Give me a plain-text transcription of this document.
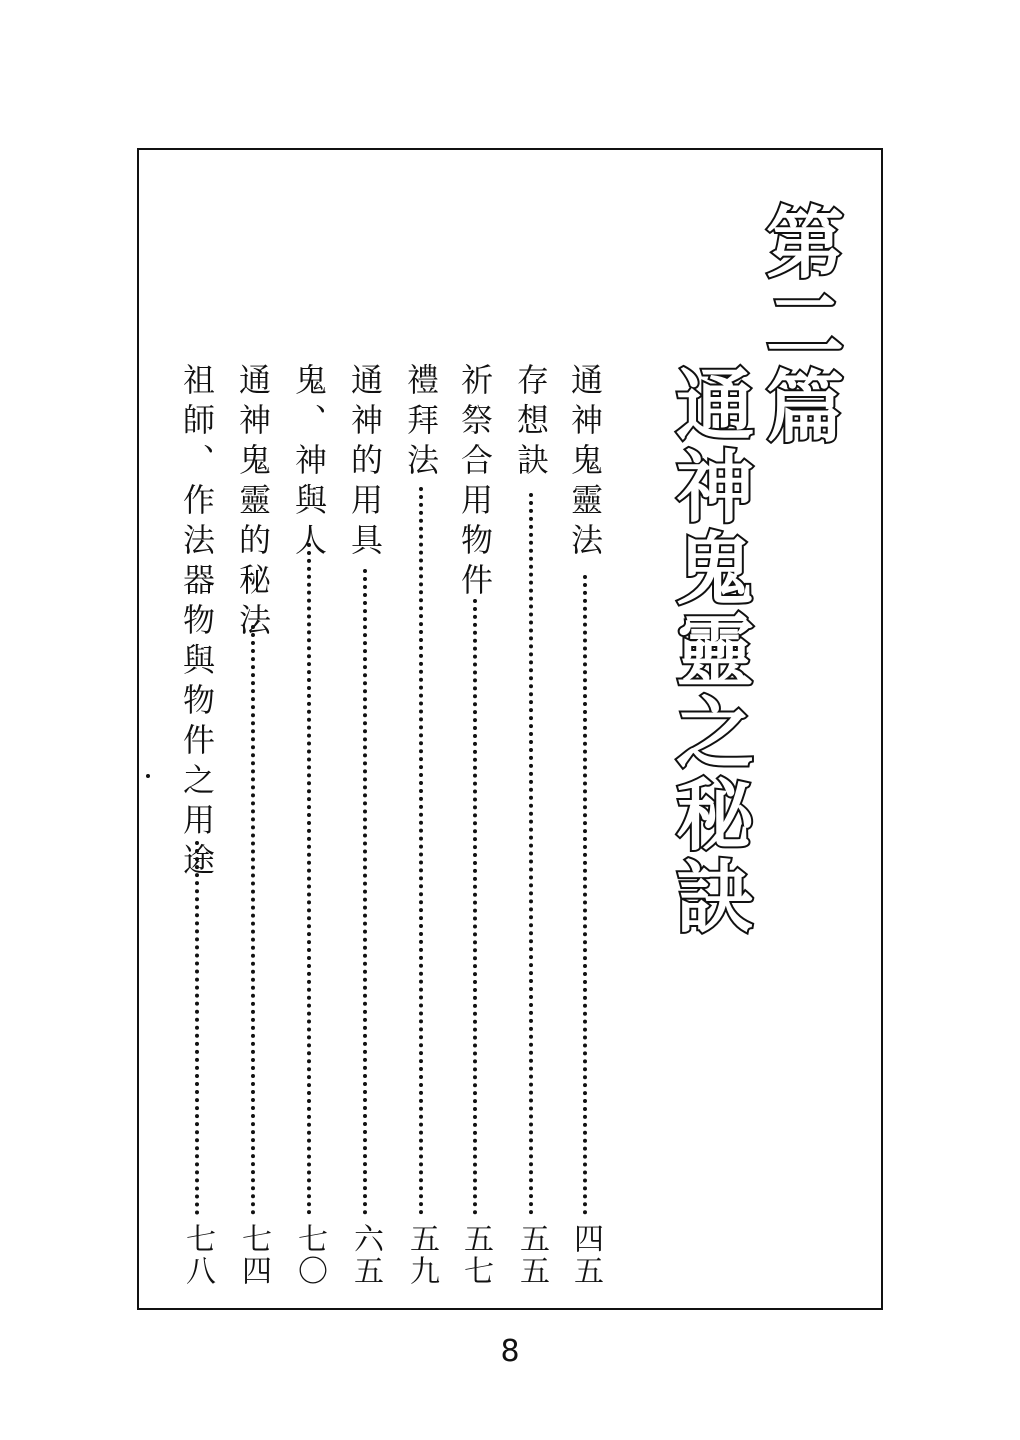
第二篇
通神鬼靈之秘訣
通神鬼靈法
四五
存想訣
五五
祈祭合用物件
五七
禮拜法
五九
通神的用具
六五
鬼、神與人
七〇
通神鬼靈的秘法
七四
祖師、作法器物與物件之用途
七八
8
